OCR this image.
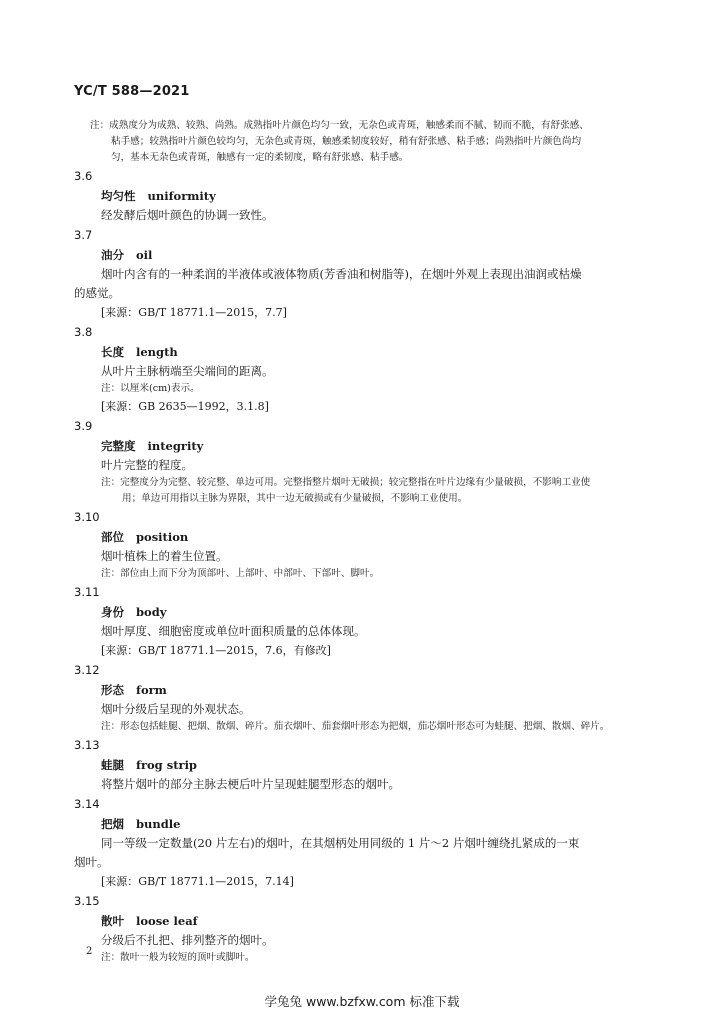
YC/T 588—2021
注：成熟度分为成熟、较熟、尚熟。成熟指叶片颜色均匀一致，无杂色或青斑，触感柔而不腻、韧而不脆，有舒张感、
粘手感；较熟指叶片颜色较均匀，无杂色或青斑，触感柔韧度较好，稍有舒张感、粘手感；尚熟指叶片颜色尚均
匀，基本无杂色或青斑，触感有一定的柔韧度，略有舒张感、粘手感。
3.6
均匀性 uniformity
经发酵后烟叶颜色的协调一致性。
3.7
油分 oil
烟叶内含有的一种柔润的半液体或液体物质(芳香油和树脂等)，在烟叶外观上表现出油润或枯燥
的感觉。
[来源：GB/T 18771.1—2015，7.7]
3.8
长度 length
从叶片主脉柄端至尖端间的距离。
注：以厘米(cm)表示。
[来源：GB 2635—1992，3.1.8]
3.9
完整度 integrity
叶片完整的程度。
注：完整度分为完整、较完整、单边可用。完整指整片烟叶无破损；较完整指在叶片边缘有少量破损，不影响工业使
用；单边可用指以主脉为界限，其中一边无破损或有少量破损，不影响工业使用。
3.10
部位 position
烟叶植株上的着生位置。
注：部位由上而下分为顶部叶、上部叶、中部叶、下部叶、脚叶。
3.11
身份 body
烟叶厚度、细胞密度或单位叶面积质量的总体体现。
[来源：GB/T 18771.1—2015，7.6，有修改]
3.12
形态 form
烟叶分级后呈现的外观状态。
注：形态包括蛙腿、把烟、散烟、碎片。茄衣烟叶、茄套烟叶形态为把烟，茄芯烟叶形态可为蛙腿、把烟、散烟、碎片。
3.13
蛙腿 frog strip
将整片烟叶的部分主脉去梗后叶片呈现蛙腿型形态的烟叶。
3.14
把烟 bundle
同一等级一定数量(20 片左右)的烟叶，在其烟柄处用同级的 1 片～2 片烟叶缠绕扎紧成的一束
烟叶。
[来源：GB/T 18771.1—2015，7.14]
3.15
散叶 loose leaf
分级后不扎把、排列整齐的烟叶。
注：散叶一般为较短的顶叶或脚叶。
2
学兔兔 www.bzfxw.com 标准下载
